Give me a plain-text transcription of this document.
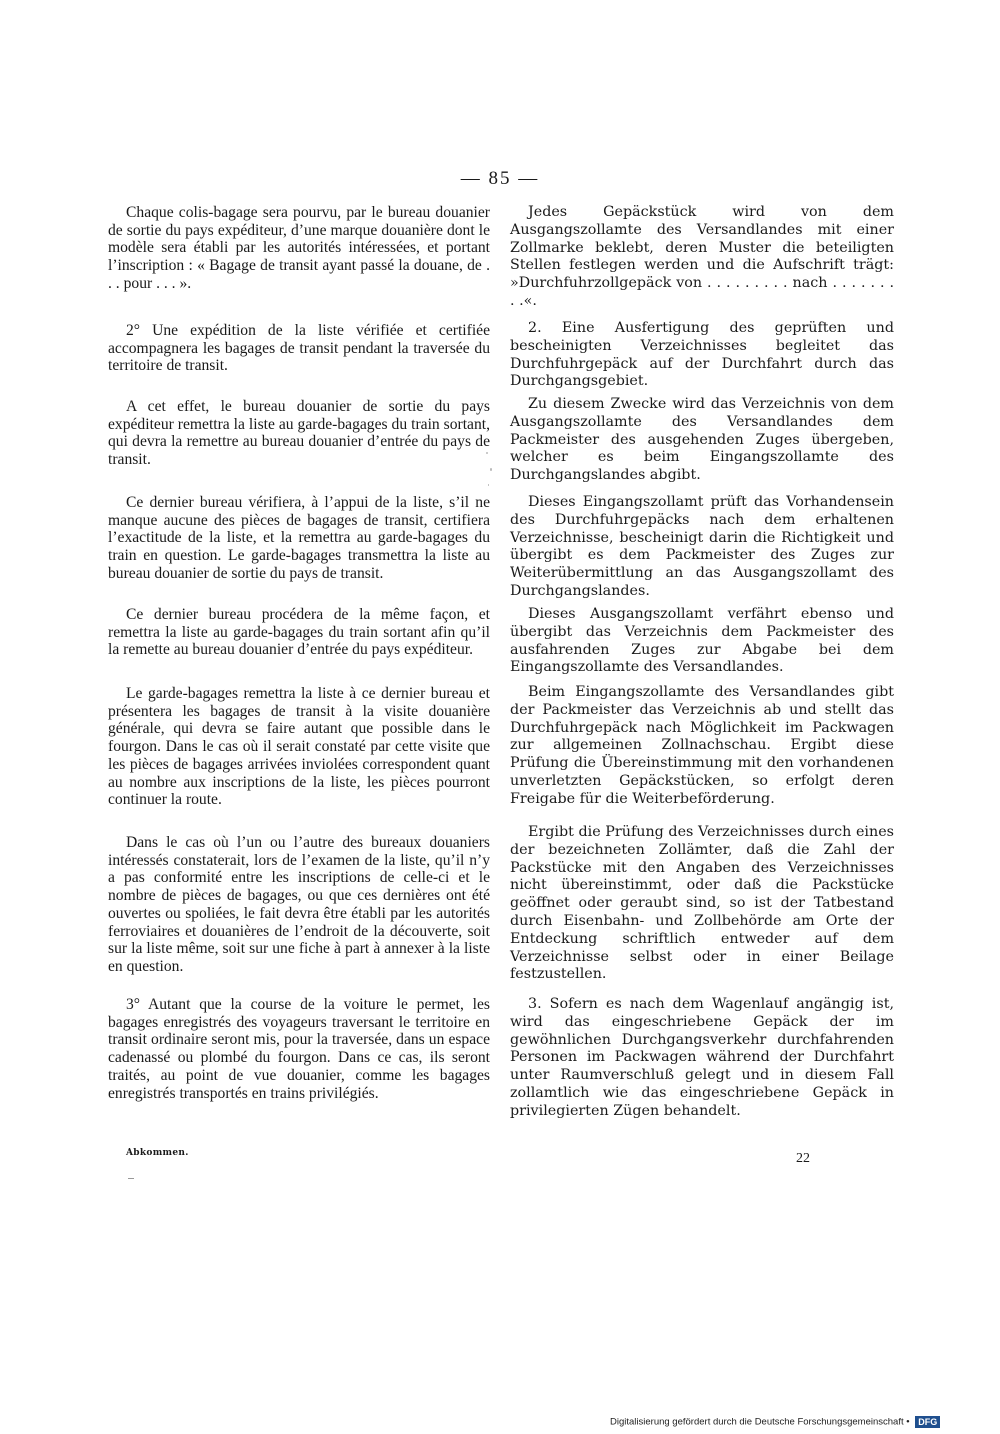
— 85 —

Chaque colis-bagage sera pourvu, par le bureau douanier de sortie du pays expéditeur, d’une marque douanière dont le modèle sera établi par les autorités intéressées, et portant l’inscription : « Bagage de transit ayant passé la douane, de . . . pour . . . ».

2° Une expédition de la liste vérifiée et certifiée accompagnera les bagages de transit pendant la traversée du territoire de transit.

A cet effet, le bureau douanier de sortie du pays expéditeur remettra la liste au garde-bagages du train sortant, qui devra la remettre au bureau douanier d’entrée du pays de transit.

Ce dernier bureau vérifiera, à l’appui de la liste, s’il ne manque aucune des pièces de bagages de transit, certifiera l’exactitude de la liste, et la remettra au garde-bagages du train en question. Le garde-bagages transmettra la liste au bureau douanier de sortie du pays de transit.

Ce dernier bureau procédera de la même façon, et remettra la liste au garde-bagages du train sortant afin qu’il la remette au bureau douanier d’entrée du pays expéditeur.

Le garde-bagages remettra la liste à ce dernier bureau et présentera les bagages de transit à la visite douanière générale, qui devra se faire autant que possible dans le fourgon. Dans le cas où il serait constaté par cette visite que les pièces de bagages arrivées inviolées correspondent quant au nombre aux inscriptions de la liste, les pièces pourront continuer la route.

Dans le cas où l’un ou l’autre des bureaux douaniers intéressés constaterait, lors de l’examen de la liste, qu’il n’y a pas conformité entre les inscriptions de celle-ci et le nombre de pièces de bagages, ou que ces dernières ont été ouvertes ou spoliées, le fait devra être établi par les autorités ferroviaires et douanières de l’endroit de la découverte, soit sur la liste même, soit sur une fiche à part à annexer à la liste en question.

3° Autant que la course de la voiture le permet, les bagages enregistrés des voyageurs traversant le territoire en transit ordinaire seront mis, pour la traversée, dans un espace cadenassé ou plombé du fourgon. Dans ce cas, ils seront traités, au point de vue douanier, comme les bagages enregistrés transportés en trains privilégiés.

Jedes Gepäckstück wird von dem Ausgangszollamte des Versandlandes mit einer Zollmarke beklebt, deren Muster die beteiligten Stellen festlegen werden und die Aufschrift trägt: »Durchfuhrzollgepäck von . . . . . . . . . nach . . . . . . . . .«.

2. Eine Ausfertigung des geprüften und bescheinigten Verzeichnisses begleitet das Durchfuhrgepäck auf der Durchfahrt durch das Durchgangsgebiet.

Zu diesem Zwecke wird das Verzeichnis von dem Ausgangszollamte des Versandlandes dem Packmeister des ausgehenden Zuges übergeben, welcher es beim Eingangszollamte des Durchgangslandes abgibt.

Dieses Eingangszollamt prüft das Vorhandensein des Durchfuhrgepäcks nach dem erhaltenen Verzeichnisse, bescheinigt darin die Richtigkeit und übergibt es dem Packmeister des Zuges zur Weiterübermittlung an das Ausgangszollamt des Durchgangslandes.

Dieses Ausgangszollamt verfährt ebenso und übergibt das Verzeichnis dem Packmeister des ausfahrenden Zuges zur Abgabe bei dem Eingangszollamte des Versandlandes.

Beim Eingangszollamte des Versandlandes gibt der Packmeister das Verzeichnis ab und stellt das Durchfuhrgepäck nach Möglichkeit im Packwagen zur allgemeinen Zollnachschau. Ergibt diese Prüfung die Übereinstimmung mit den vorhandenen unverletzten Gepäckstücken, so erfolgt deren Freigabe für die Weiterbeförderung.

Ergibt die Prüfung des Verzeichnisses durch eines der bezeichneten Zollämter, daß die Zahl der Packstücke mit den Angaben des Verzeichnisses nicht übereinstimmt, oder daß die Packstücke geöffnet oder geraubt sind, so ist der Tatbestand durch Eisenbahn- und Zollbehörde am Orte der Entdeckung schriftlich entweder auf dem Verzeichnisse selbst oder in einer Beilage festzustellen.

3. Sofern es nach dem Wagenlauf angängig ist, wird das eingeschriebene Gepäck der im gewöhnlichen Durchgangsverkehr durchfahrenden Personen im Packwagen während der Durchfahrt unter Raumverschluß gelegt und in diesem Fall zollamtlich wie das eingeschriebene Gepäck in privilegierten Zügen behandelt.

Abkommen.	22
Digitalisierung gefördert durch die Deutsche Forschungsgemeinschaft • DFG
